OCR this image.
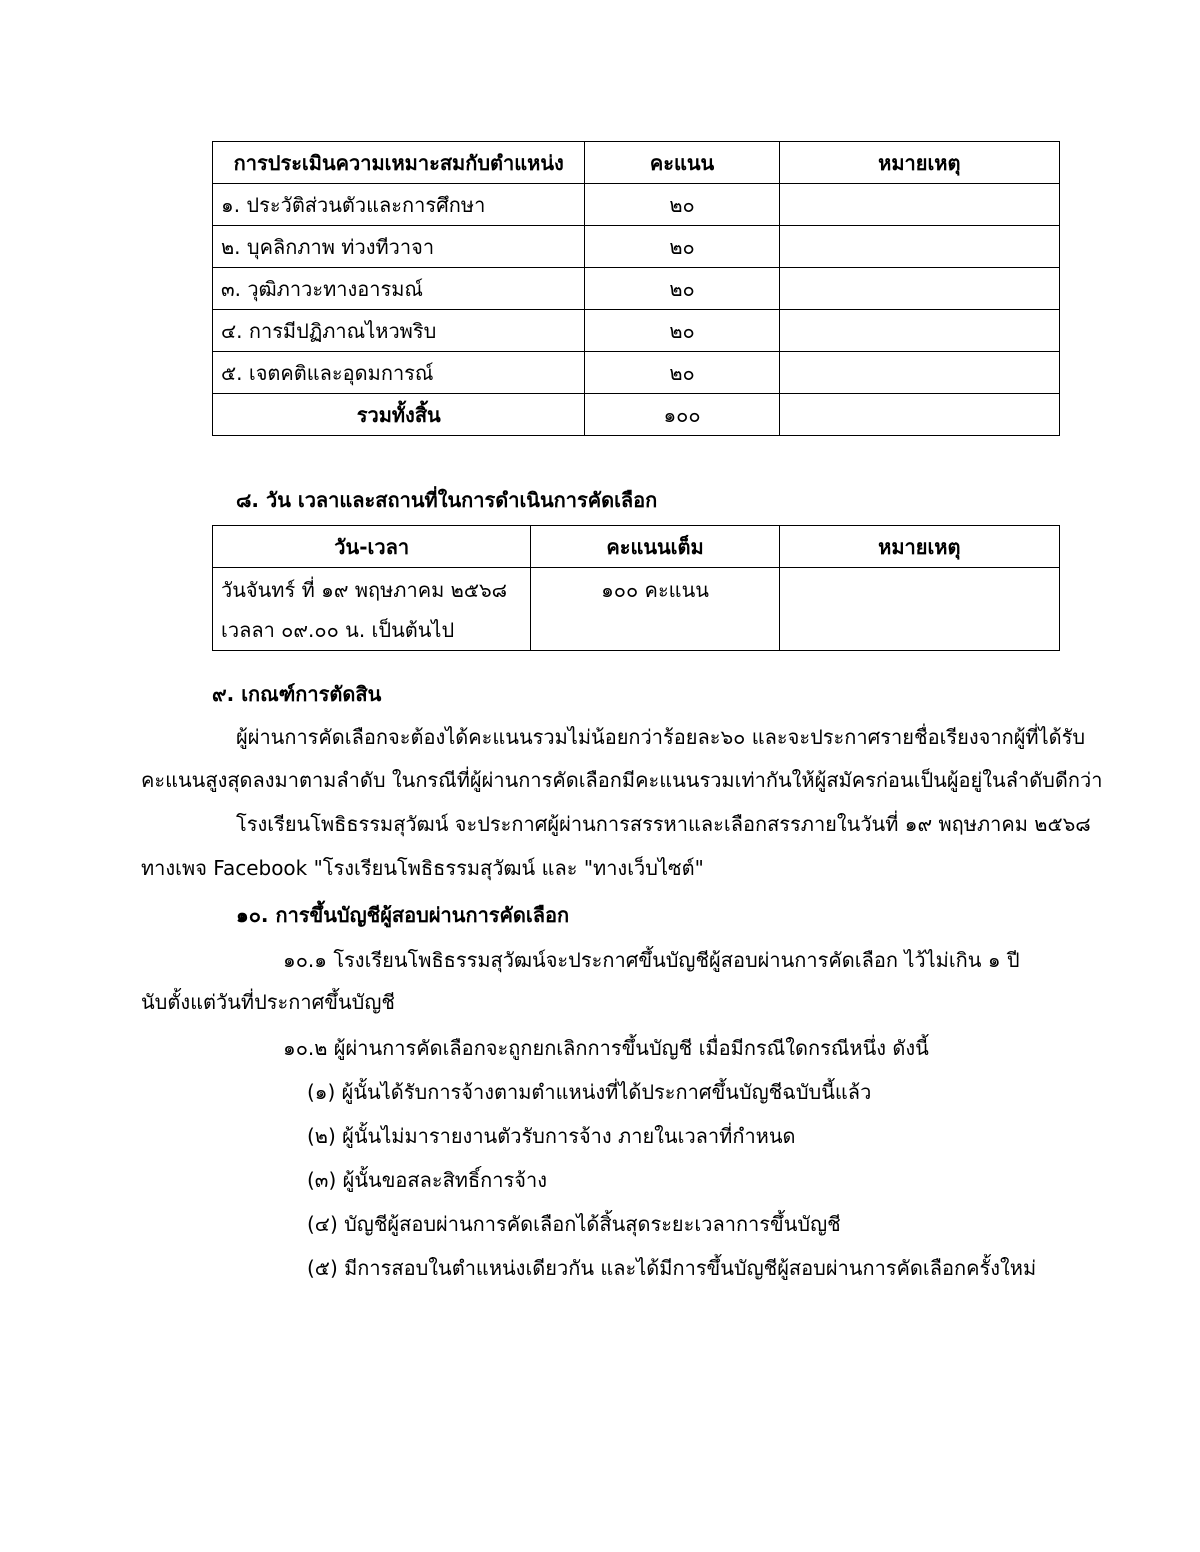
การประเมินความเหมาะสมกับตำแหน่ง	คะแนน	หมายเหตุ
๑. ประวัติส่วนตัวและการศึกษา	๒๐	
๒. บุคลิกภาพ ท่วงทีวาจา	๒๐	
๓. วุฒิภาวะทางอารมณ์	๒๐	
๔. การมีปฏิภาณไหวพริบ	๒๐	
๕. เจตคติและอุดมการณ์	๒๐	
รวมทั้งสิ้น	๑๐๐	
๘. วัน เวลาและสถานที่ในการดำเนินการคัดเลือก
วัน-เวลา	คะแนนเต็ม	หมายเหตุ

วันจันทร์ ที่ ๑๙ พฤษภาคม ๒๕๖๘
เวลลา ๐๙.๐๐ น. เป็นต้นไป	๑๐๐ คะแนน	
๙. เกณฑ์การตัดสิน
ผู้ผ่านการคัดเลือกจะต้องได้คะแนนรวมไม่น้อยกว่าร้อยละ๖๐ และจะประกาศรายชื่อเรียงจากผู้ที่ได้รับ
คะแนนสูงสุดลงมาตามลำดับ ในกรณีที่ผู้ผ่านการคัดเลือกมีคะแนนรวมเท่ากันให้ผู้สมัครก่อนเป็นผู้อยู่ในลำดับดีกว่า
โรงเรียนโพธิธรรมสุวัฒน์ จะประกาศผู้ผ่านการสรรหาและเลือกสรรภายในวันที่ ๑๙ พฤษภาคม ๒๕๖๘
ทางเพจ Facebook "โรงเรียนโพธิธรรมสุวัฒน์ และ "ทางเว็บไซต์"
๑๐. การขึ้นบัญชีผู้สอบผ่านการคัดเลือก
๑๐.๑ โรงเรียนโพธิธรรมสุวัฒน์จะประกาศขึ้นบัญชีผู้สอบผ่านการคัดเลือก ไว้ไม่เกิน ๑ ปี
นับตั้งแต่วันที่ประกาศขึ้นบัญชี
๑๐.๒ ผู้ผ่านการคัดเลือกจะถูกยกเลิกการขึ้นบัญชี เมื่อมีกรณีใดกรณีหนึ่ง ดังนี้
(๑) ผู้นั้นได้รับการจ้างตามตำแหน่งที่ได้ประกาศขึ้นบัญชีฉบับนี้แล้ว
(๒) ผู้นั้นไม่มารายงานตัวรับการจ้าง ภายในเวลาที่กำหนด
(๓) ผู้นั้นขอสละสิทธิ์การจ้าง
(๔) บัญชีผู้สอบผ่านการคัดเลือกได้สิ้นสุดระยะเวลาการขึ้นบัญชี
(๕) มีการสอบในตำแหน่งเดียวกัน และได้มีการขึ้นบัญชีผู้สอบผ่านการคัดเลือกครั้งใหม่
